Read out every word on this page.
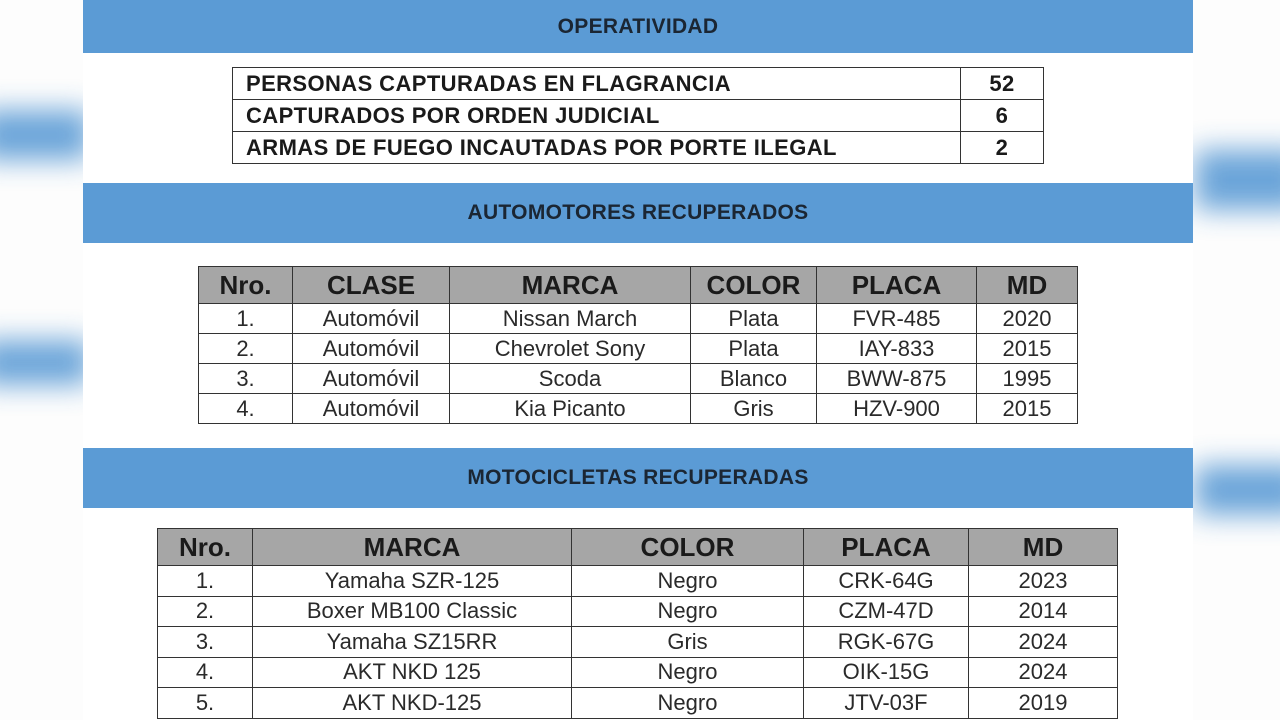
OPERATIVIDAD
PERSONAS CAPTURADAS EN FLAGRANCIA	52
CAPTURADOS POR ORDEN JUDICIAL	6
ARMAS DE FUEGO INCAUTADAS POR PORTE ILEGAL	2
AUTOMOTORES RECUPERADOS
Nro.	CLASE	MARCA	COLOR	PLACA	MD
1.	Automóvil	Nissan March	Plata	FVR-485	2020
2.	Automóvil	Chevrolet Sony	Plata	IAY-833	2015
3.	Automóvil	Scoda	Blanco	BWW-875	1995
4.	Automóvil	Kia Picanto	Gris	HZV-900	2015
MOTOCICLETAS RECUPERADAS
Nro.	MARCA	COLOR	PLACA	MD
1.	Yamaha SZR-125	Negro	CRK-64G	2023
2.	Boxer MB100 Classic	Negro	CZM-47D	2014
3.	Yamaha SZ15RR	Gris	RGK-67G	2024
4.	AKT NKD 125	Negro	OIK-15G	2024
5.	AKT NKD-125	Negro	JTV-03F	2019
